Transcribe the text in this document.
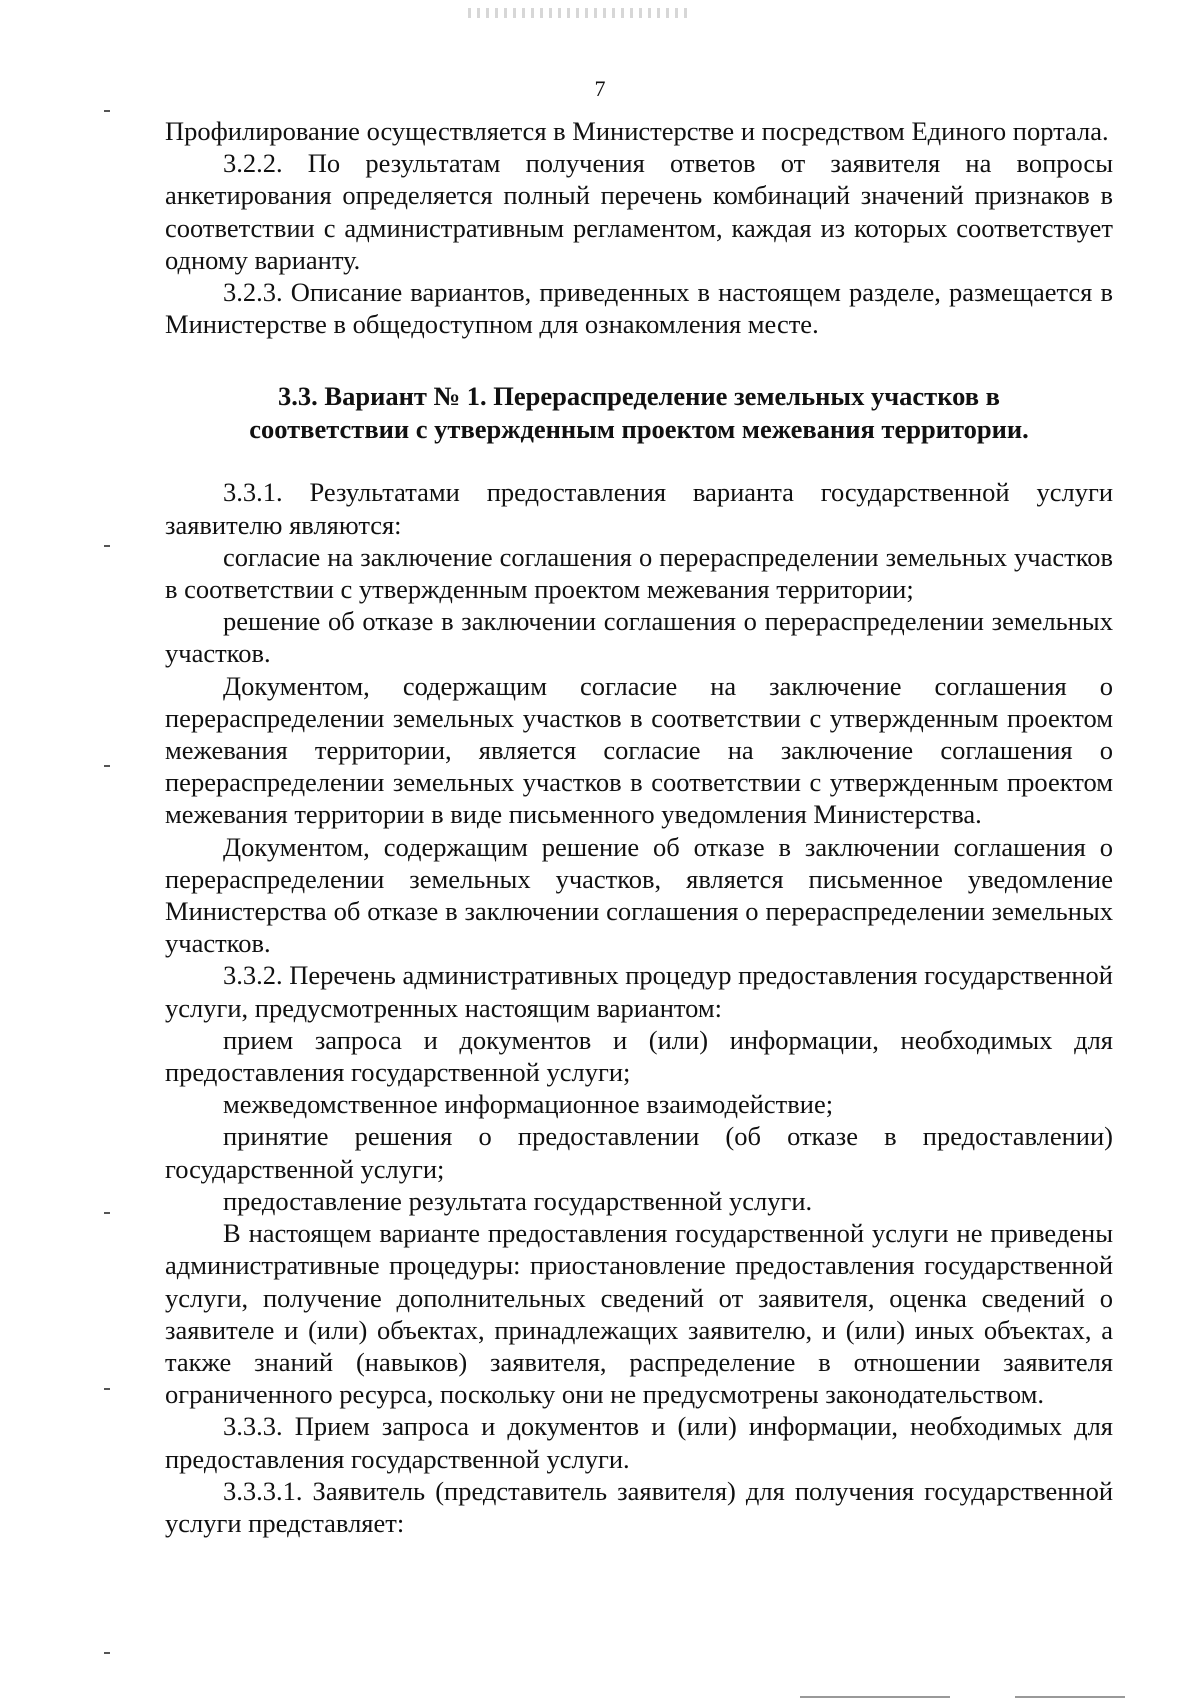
7

Профилирование осуществляется в Министерстве и посредством Единого портала.

3.2.2. По результатам получения ответов от заявителя на вопросы анкетирования определяется полный перечень комбинаций значений признаков в соответствии с административным регламентом, каждая из которых соответствует одному варианту.

3.2.3. Описание вариантов, приведенных в настоящем разделе, размещается в Министерстве в общедоступном для ознакомления месте.

3.3. Вариант № 1. Перераспределение земельных участков в
соответствии с утвержденным проектом межевания территории.

3.3.1. Результатами предоставления варианта государственной услуги заявителю являются:

согласие на заключение соглашения о перераспределении земельных участков в соответствии с утвержденным проектом межевания территории;

решение об отказе в заключении соглашения о перераспределении земельных участков.

Документом, содержащим согласие на заключение соглашения о перераспределении земельных участков в соответствии с утвержденным проектом межевания территории, является согласие на заключение соглашения о перераспределении земельных участков в соответствии с утвержденным проектом межевания территории в виде письменного уведомления Министерства.

Документом, содержащим решение об отказе в заключении соглашения о перераспределении земельных участков, является письменное уведомление Министерства об отказе в заключении соглашения о перераспределении земельных участков.

3.3.2. Перечень административных процедур предоставления государственной услуги, предусмотренных настоящим вариантом:

прием запроса и документов и (или) информации, необходимых для предоставления государственной услуги;

межведомственное информационное взаимодействие;

принятие решения о предоставлении (об отказе в предоставлении) государственной услуги;

предоставление результата государственной услуги.

В настоящем варианте предоставления государственной услуги не приведены административные процедуры: приостановление предоставления государственной услуги, получение дополнительных сведений от заявителя, оценка сведений о заявителе и (или) объектах, принадлежащих заявителю, и (или) иных объектах, а также знаний (навыков) заявителя, распределение в отношении заявителя ограниченного ресурса, поскольку они не предусмотрены законодательством.

3.3.3. Прием запроса и документов и (или) информации, необходимых для предоставления государственной услуги.

3.3.3.1. Заявитель (представитель заявителя) для получения государственной услуги представляет:
